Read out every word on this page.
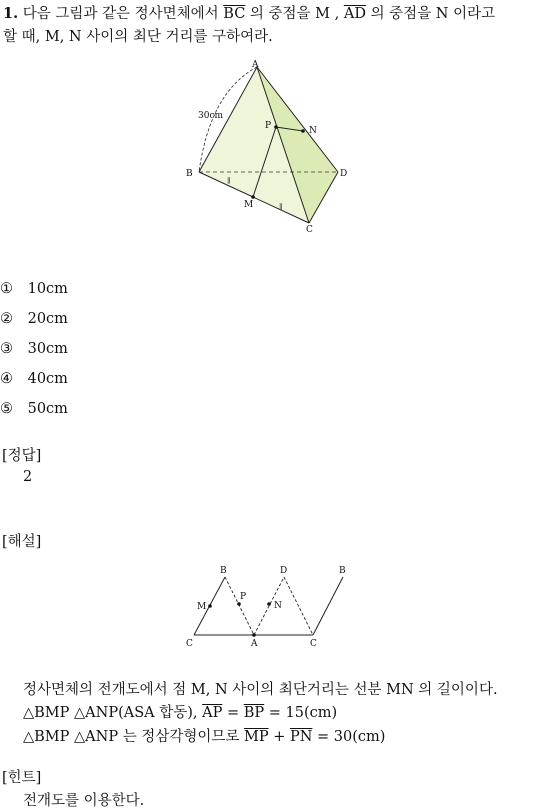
1. 다음 그림과 같은 정사면체에서 $\overline{BC}$ 의 중점을 M , $\overline{AD}$ 의 중점을 N 이라고
할 때, M, N 사이의 최단 거리를 구하여라.
∥
∥
A
B
C
D
M
N
P
30cm
① 10cm
② 20cm
③ 30cm
④ 40cm
⑤ 50cm
[정답]
2
[해설]
B	D	B
C	A	C
M
P
N
정사면체의 전개도에서 점 M, N 사이의 최단거리는 선분 MN 의 길이이다.
△BMP △ANP(ASA 합동), $\overline{AP} = \overline{BP} = 15(cm)$
△BMP △ANP 는 정삼각형이므로 $\overline{MP} + \overline{PN} = 30(cm)$
[힌트]
전개도를 이용한다.
